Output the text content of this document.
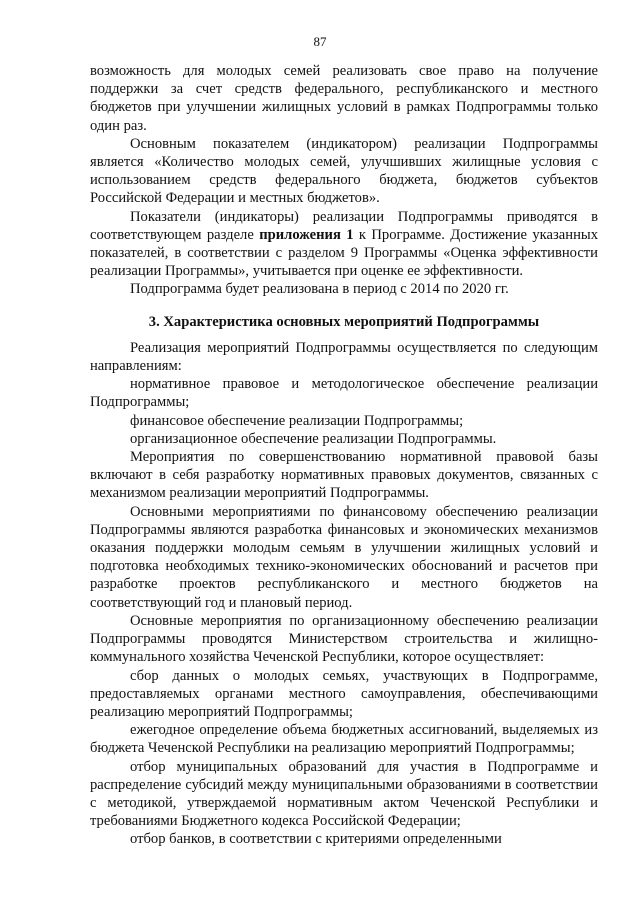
87

возможность для молодых семей реализовать свое право на получение поддержки за счет средств федерального, республиканского и местного бюджетов при улучшении жилищных условий в рамках Подпрограммы только один раз.

Основным показателем (индикатором) реализации Подпрограммы является «Количество молодых семей, улучшивших жилищные условия с использованием средств федерального бюджета, бюджетов субъектов Российской Федерации и местных бюджетов».

Показатели (индикаторы) реализации Подпрограммы приводятся в соответствующем разделе приложения 1 к Программе. Достижение указанных показателей, в соответствии с разделом 9 Программы «Оценка эффективности реализации Программы», учитывается при оценке ее эффективности.

Подпрограмма будет реализована в период с 2014 по 2020 гг.

3. Характеристика основных мероприятий Подпрограммы

Реализация мероприятий Подпрограммы осуществляется по следующим направлениям:

нормативное правовое и методологическое обеспечение реализации Подпрограммы;

финансовое обеспечение реализации Подпрограммы;

организационное обеспечение реализации Подпрограммы.

Мероприятия по совершенствованию нормативной правовой базы включают в себя разработку нормативных правовых документов, связанных с механизмом реализации мероприятий Подпрограммы.

Основными мероприятиями по финансовому обеспечению реализации Подпрограммы являются разработка финансовых и экономических механизмов оказания поддержки молодым семьям в улучшении жилищных условий и подготовка необходимых технико-экономических обоснований и расчетов при разработке проектов республиканского и местного бюджетов на соответствующий год и плановый период.

Основные мероприятия по организационному обеспечению реализации Подпрограммы проводятся Министерством строительства и жилищно-коммунального хозяйства Чеченской Республики, которое осуществляет:

сбор данных о молодых семьях, участвующих в Подпрограмме, предоставляемых органами местного самоуправления, обеспечивающими реализацию мероприятий Подпрограммы;

ежегодное определение объема бюджетных ассигнований, выделяемых из бюджета Чеченской Республики на реализацию мероприятий Подпрограммы;

отбор муниципальных образований для участия в Подпрограмме и распределение субсидий между муниципальными образованиями в соответствии с методикой, утверждаемой нормативным актом Чеченской Республики и требованиями Бюджетного кодекса Российской Федерации;

отбор банков, в соответствии с критериями определенными
